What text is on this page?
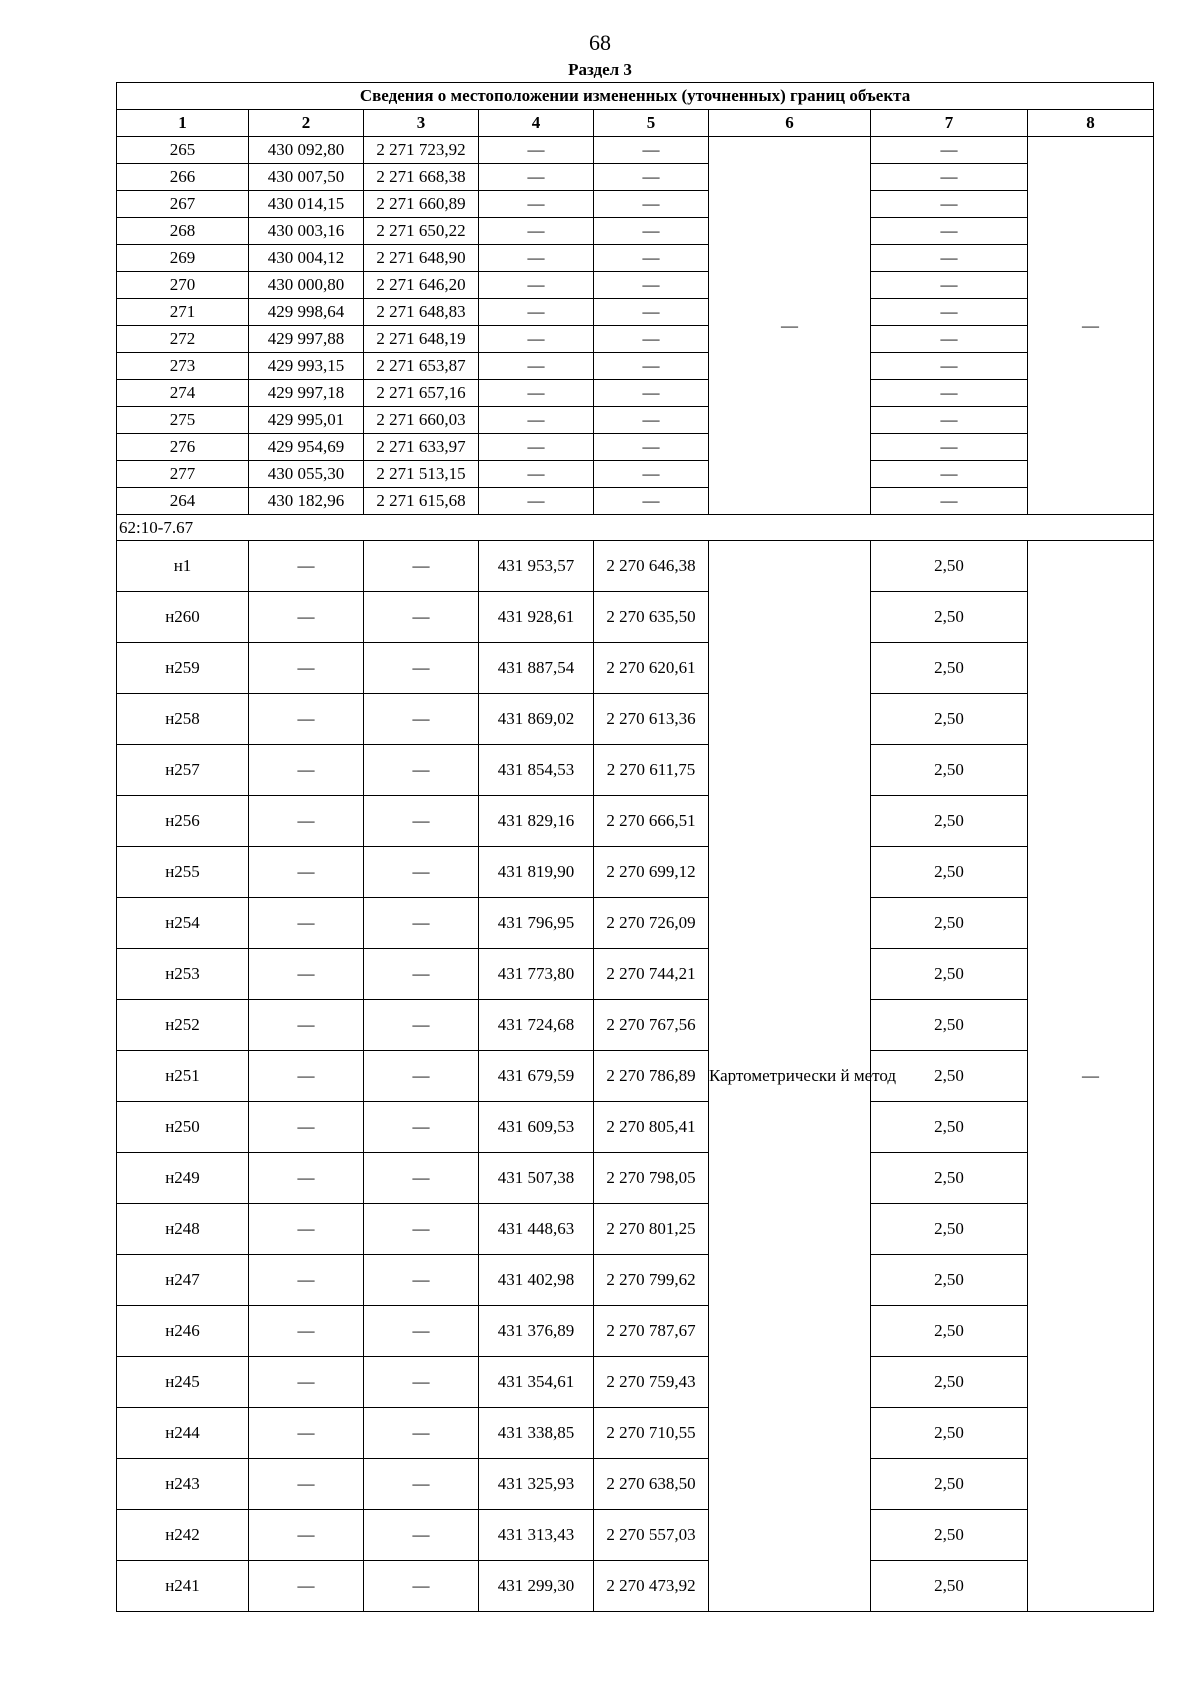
68
Раздел 3
Сведения о местоположении измененных (уточненных) границ объекта							
1	2	3	4	5	6	7	8
265	430 092,80	2 271 723,92	—	—	—	—	—
266	430 007,50	2 271 668,38	—	—		—	
267	430 014,15	2 271 660,89	—	—		—	
268	430 003,16	2 271 650,22	—	—		—	
269	430 004,12	2 271 648,90	—	—		—	
270	430 000,80	2 271 646,20	—	—		—	
271	429 998,64	2 271 648,83	—	—		—	
272	429 997,88	2 271 648,19	—	—		—	
273	429 993,15	2 271 653,87	—	—		—	
274	429 997,18	2 271 657,16	—	—		—	
275	429 995,01	2 271 660,03	—	—		—	
276	429 954,69	2 271 633,97	—	—		—	
277	430 055,30	2 271 513,15	—	—		—	
264	430 182,96	2 271 615,68	—	—		—	
62:10-7.67							
н1	—	—	431 953,57	2 270 646,38	Картометрически й метод	2,50	—
н260	—	—	431 928,61	2 270 635,50		2,50	
н259	—	—	431 887,54	2 270 620,61		2,50	
н258	—	—	431 869,02	2 270 613,36		2,50	
н257	—	—	431 854,53	2 270 611,75		2,50	
н256	—	—	431 829,16	2 270 666,51		2,50	
н255	—	—	431 819,90	2 270 699,12		2,50	
н254	—	—	431 796,95	2 270 726,09		2,50	
н253	—	—	431 773,80	2 270 744,21		2,50	
н252	—	—	431 724,68	2 270 767,56		2,50	
н251	—	—	431 679,59	2 270 786,89		2,50	
н250	—	—	431 609,53	2 270 805,41		2,50	
н249	—	—	431 507,38	2 270 798,05		2,50	
н248	—	—	431 448,63	2 270 801,25		2,50	
н247	—	—	431 402,98	2 270 799,62		2,50	
н246	—	—	431 376,89	2 270 787,67		2,50	
н245	—	—	431 354,61	2 270 759,43		2,50	
н244	—	—	431 338,85	2 270 710,55		2,50	
н243	—	—	431 325,93	2 270 638,50		2,50	
н242	—	—	431 313,43	2 270 557,03		2,50	
н241	—	—	431 299,30	2 270 473,92		2,50	
